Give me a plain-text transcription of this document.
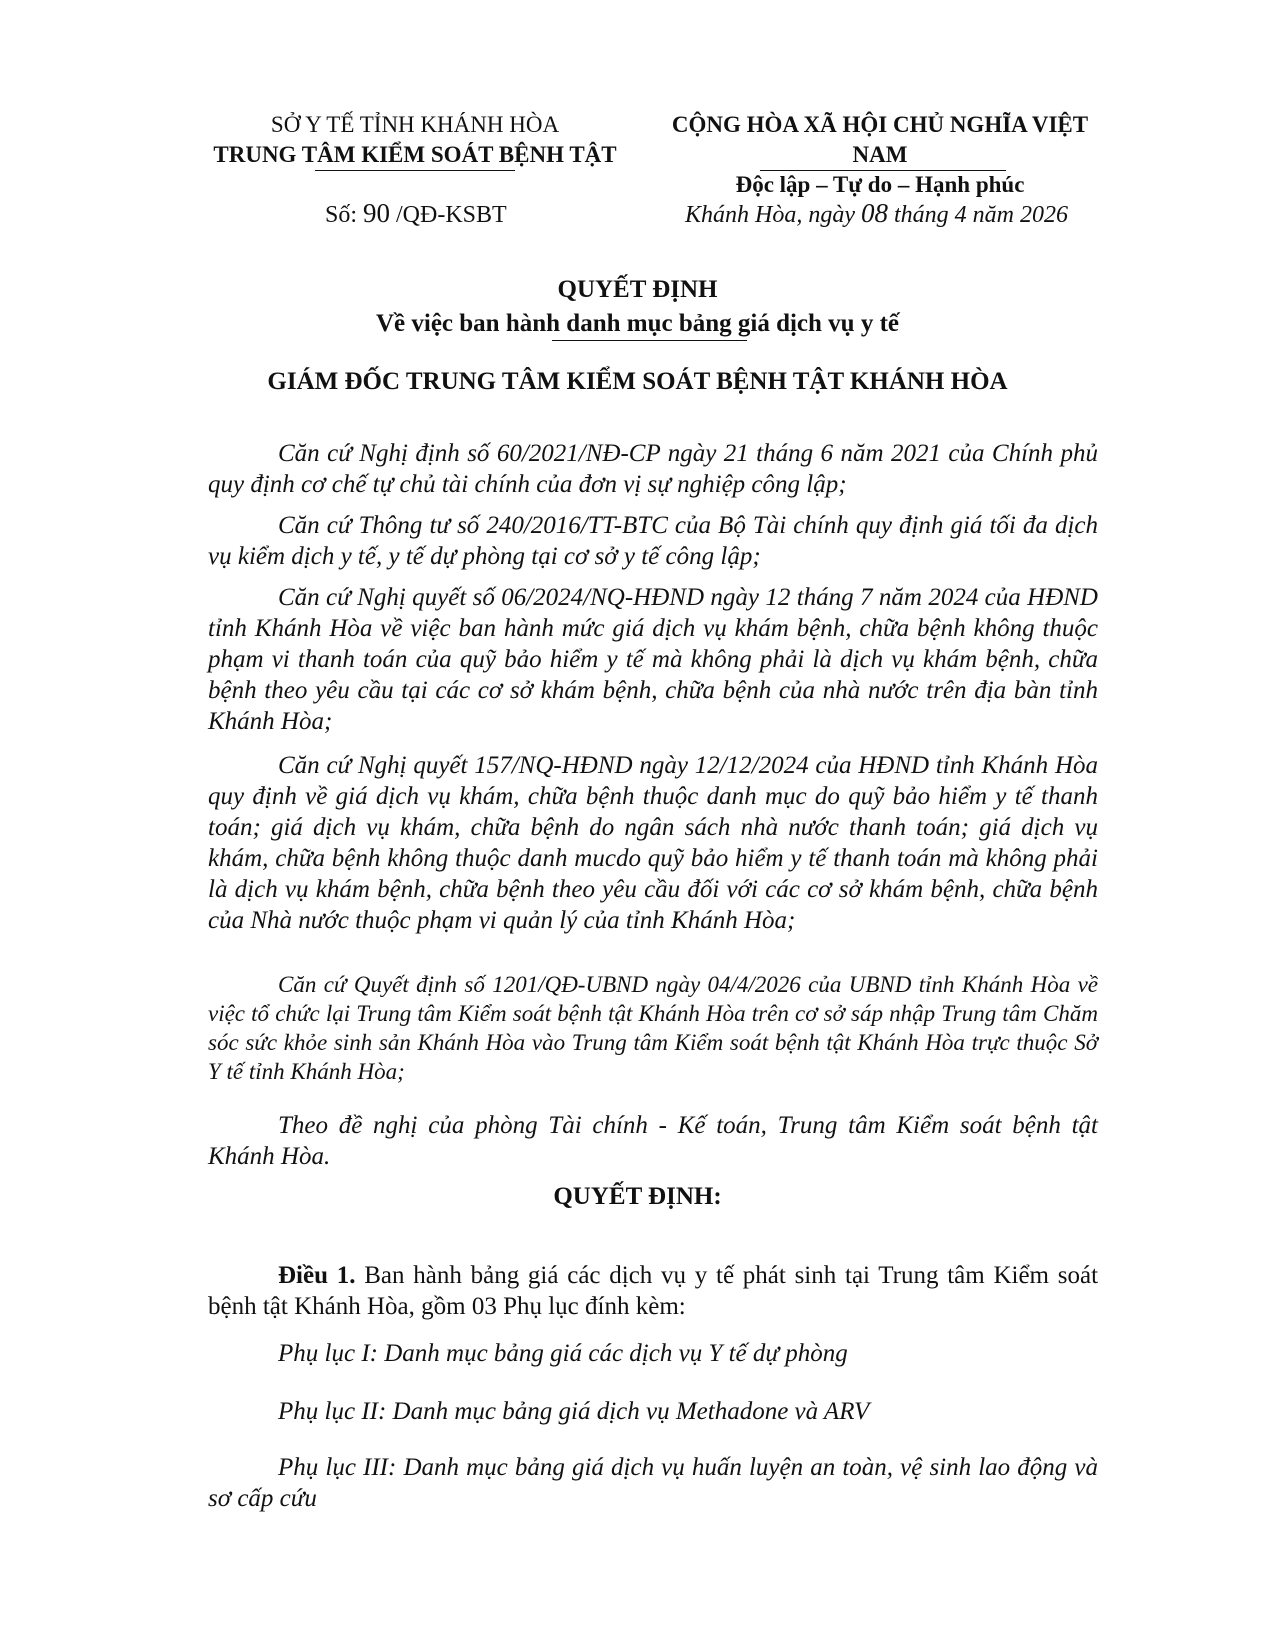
SỞ Y TẾ TỈNH KHÁNH HÒA
TRUNG TÂM KIỂM SOÁT BỆNH TẬT
CỘNG HÒA XÃ HỘI CHỦ NGHĨA VIỆT NAM
Độc lập – Tự do – Hạnh phúc
Số: 90 /QĐ-KSBT	Khánh Hòa, ngày 08 tháng 4 năm 2026
QUYẾT ĐỊNH
Về việc ban hành danh mục bảng giá dịch vụ y tế
GIÁM ĐỐC TRUNG TÂM KIỂM SOÁT BỆNH TẬT KHÁNH HÒA

Căn cứ Nghị định số 60/2021/NĐ-CP ngày 21 tháng 6 năm 2021 của Chính phủ quy định cơ chế tự chủ tài chính của đơn vị sự nghiệp công lập;

Căn cứ Thông tư số 240/2016/TT-BTC của Bộ Tài chính quy định giá tối đa dịch vụ kiểm dịch y tế, y tế dự phòng tại cơ sở y tế công lập;

Căn cứ Nghị quyết số 06/2024/NQ-HĐND ngày 12 tháng 7 năm 2024 của HĐND tỉnh Khánh Hòa về việc ban hành mức giá dịch vụ khám bệnh, chữa bệnh không thuộc phạm vi thanh toán của quỹ bảo hiểm y tế mà không phải là dịch vụ khám bệnh, chữa bệnh theo yêu cầu tại các cơ sở khám bệnh, chữa bệnh của nhà nước trên địa bàn tỉnh Khánh Hòa;

Căn cứ Nghị quyết 157/NQ-HĐND ngày 12/12/2024 của HĐND tỉnh Khánh Hòa quy định về giá dịch vụ khám, chữa bệnh thuộc danh mục do quỹ bảo hiểm y tế thanh toán; giá dịch vụ khám, chữa bệnh do ngân sách nhà nước thanh toán; giá dịch vụ khám, chữa bệnh không thuộc danh mucdo quỹ bảo hiểm y tế thanh toán mà không phải là dịch vụ khám bệnh, chữa bệnh theo yêu cầu đối với các cơ sở khám bệnh, chữa bệnh của Nhà nước thuộc phạm vi quản lý của tỉnh Khánh Hòa;

Căn cứ Quyết định số 1201/QĐ-UBND ngày 04/4/2026 của UBND tỉnh Khánh Hòa về việc tổ chức lại Trung tâm Kiểm soát bệnh tật Khánh Hòa trên cơ sở sáp nhập Trung tâm Chăm sóc sức khỏe sinh sản Khánh Hòa vào Trung tâm Kiểm soát bệnh tật Khánh Hòa trực thuộc Sở Y tế tỉnh Khánh Hòa;

Theo đề nghị của phòng Tài chính - Kế toán, Trung tâm Kiểm soát bệnh tật Khánh Hòa.

QUYẾT ĐỊNH:

Điều 1. Ban hành bảng giá các dịch vụ y tế phát sinh tại Trung tâm Kiểm soát bệnh tật Khánh Hòa, gồm 03 Phụ lục đính kèm:

Phụ lục I: Danh mục bảng giá các dịch vụ Y tế dự phòng

Phụ lục II: Danh mục bảng giá dịch vụ Methadone và ARV

Phụ lục III: Danh mục bảng giá dịch vụ huấn luyện an toàn, vệ sinh lao động và sơ cấp cứu
